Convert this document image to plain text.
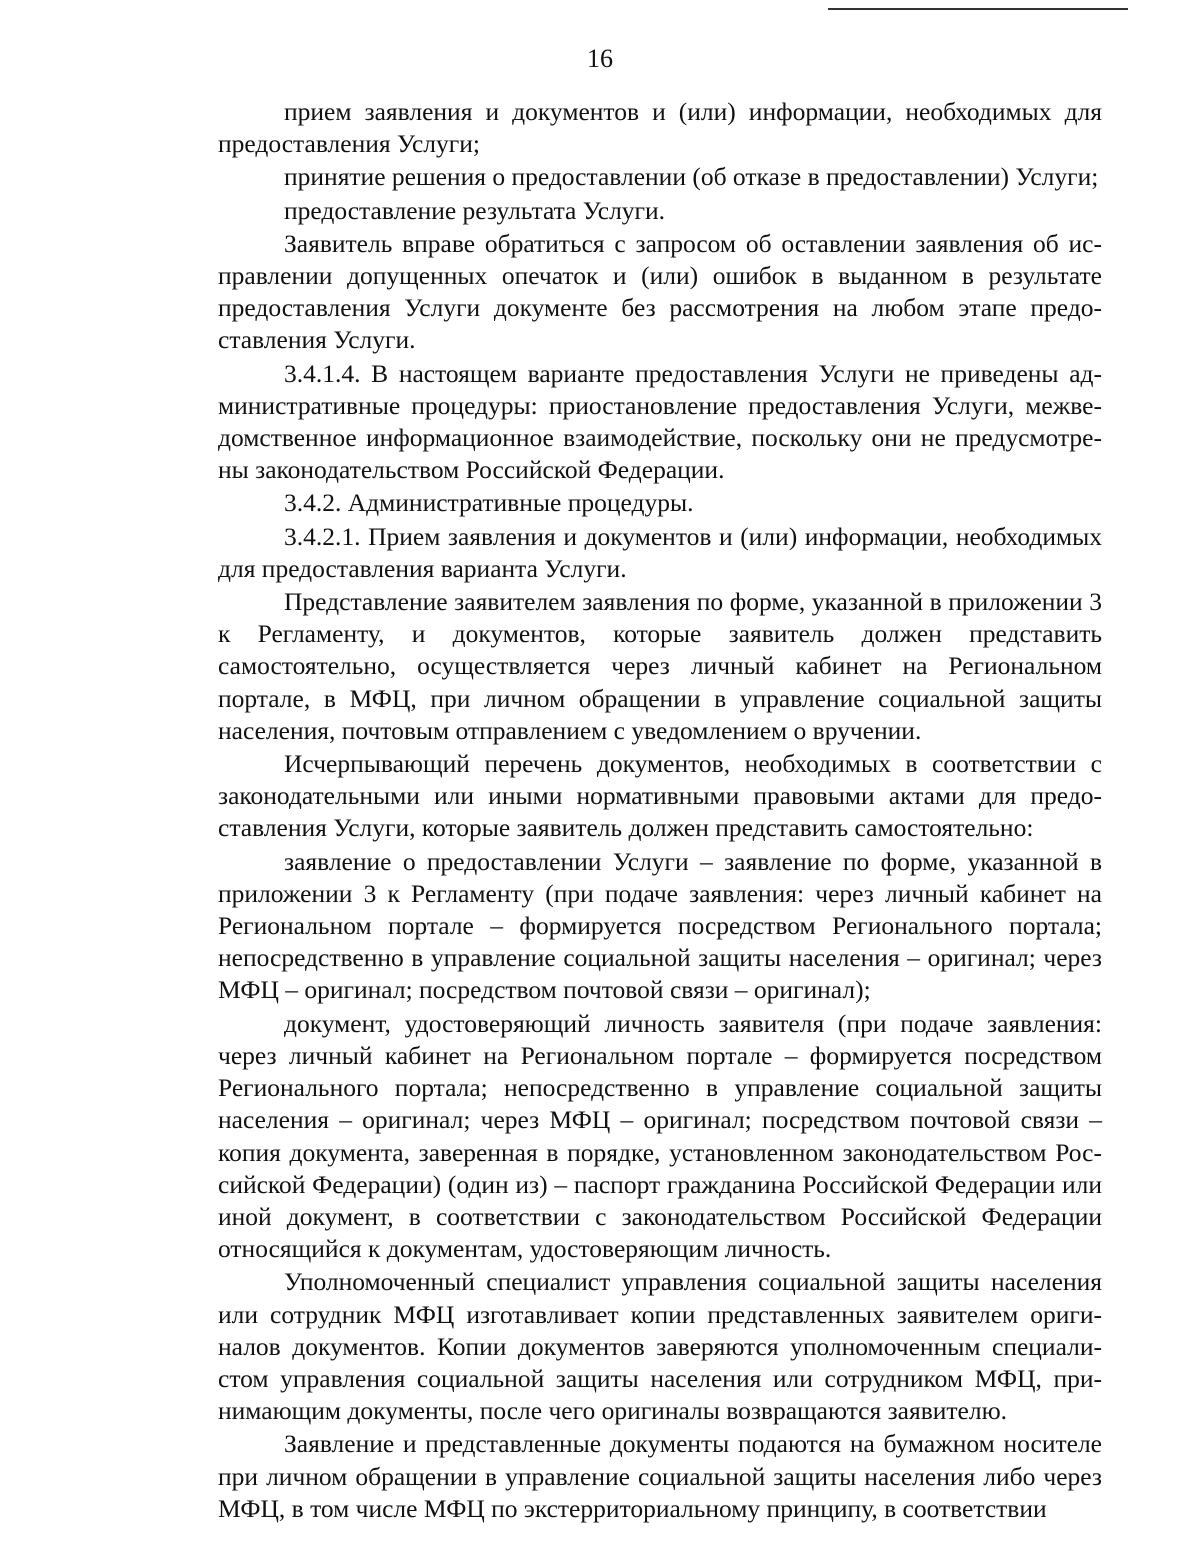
16

прием заявления и документов и (или) информации, необходимых для предоставления Услуги;

принятие решения о предоставлении (об отказе в предоставлении) Услуги;

предоставление результата Услуги.

Заявитель вправе обратиться с запросом об оставлении заявления об исправлении допущенных опечаток и (или) ошибок в выданном в результате предоставления Услуги документе без рассмотрения на любом этапе предоставления Услуги.

3.4.1.4. В настоящем варианте предоставления Услуги не приведены административные процедуры: приостановление предоставления Услуги, межведомственное информационное взаимодействие, поскольку они не предусмотрены законодательством Российской Федерации.

3.4.2. Административные процедуры.

3.4.2.1. Прием заявления и документов и (или) информации, необходимых для предоставления варианта Услуги.

Представление заявителем заявления по форме, указанной в приложении 3 к Регламенту, и документов, которые заявитель должен представить самостоятельно, осуществляется через личный кабинет на Региональном портале, в МФЦ, при личном обращении в управление социальной защиты населения, почтовым отправлением с уведомлением о вручении.

Исчерпывающий перечень документов, необходимых в соответствии с законодательными или иными нормативными правовыми актами для предоставления Услуги, которые заявитель должен представить самостоятельно:

заявление о предоставлении Услуги – заявление по форме, указанной в приложении 3 к Регламенту (при подаче заявления: через личный кабинет на Региональном портале – формируется посредством Регионального портала; непосредственно в управление социальной защиты населения – оригинал; через МФЦ – оригинал; посредством почтовой связи – оригинал);

документ, удостоверяющий личность заявителя (при подаче заявления: через личный кабинет на Региональном портале – формируется посредством Регионального портала; непосредственно в управление социальной защиты населения – оригинал; через МФЦ – оригинал; посредством почтовой связи – копия документа, заверенная в порядке, установленном законодательством Российской Федерации) (один из) – паспорт гражданина Российской Федерации или иной документ, в соответствии с законодательством Российской Федерации относящийся к документам, удостоверяющим личность.

Уполномоченный специалист управления социальной защиты населения или сотрудник МФЦ изготавливает копии представленных заявителем оригиналов документов. Копии документов заверяются уполномоченным специалистом управления социальной защиты населения или сотрудником МФЦ, принимающим документы, после чего оригиналы возвращаются заявителю.

Заявление и представленные документы подаются на бумажном носителе при личном обращении в управление социальной защиты населения либо через МФЦ, в том числе МФЦ по экстерриториальному принципу, в соответствии
